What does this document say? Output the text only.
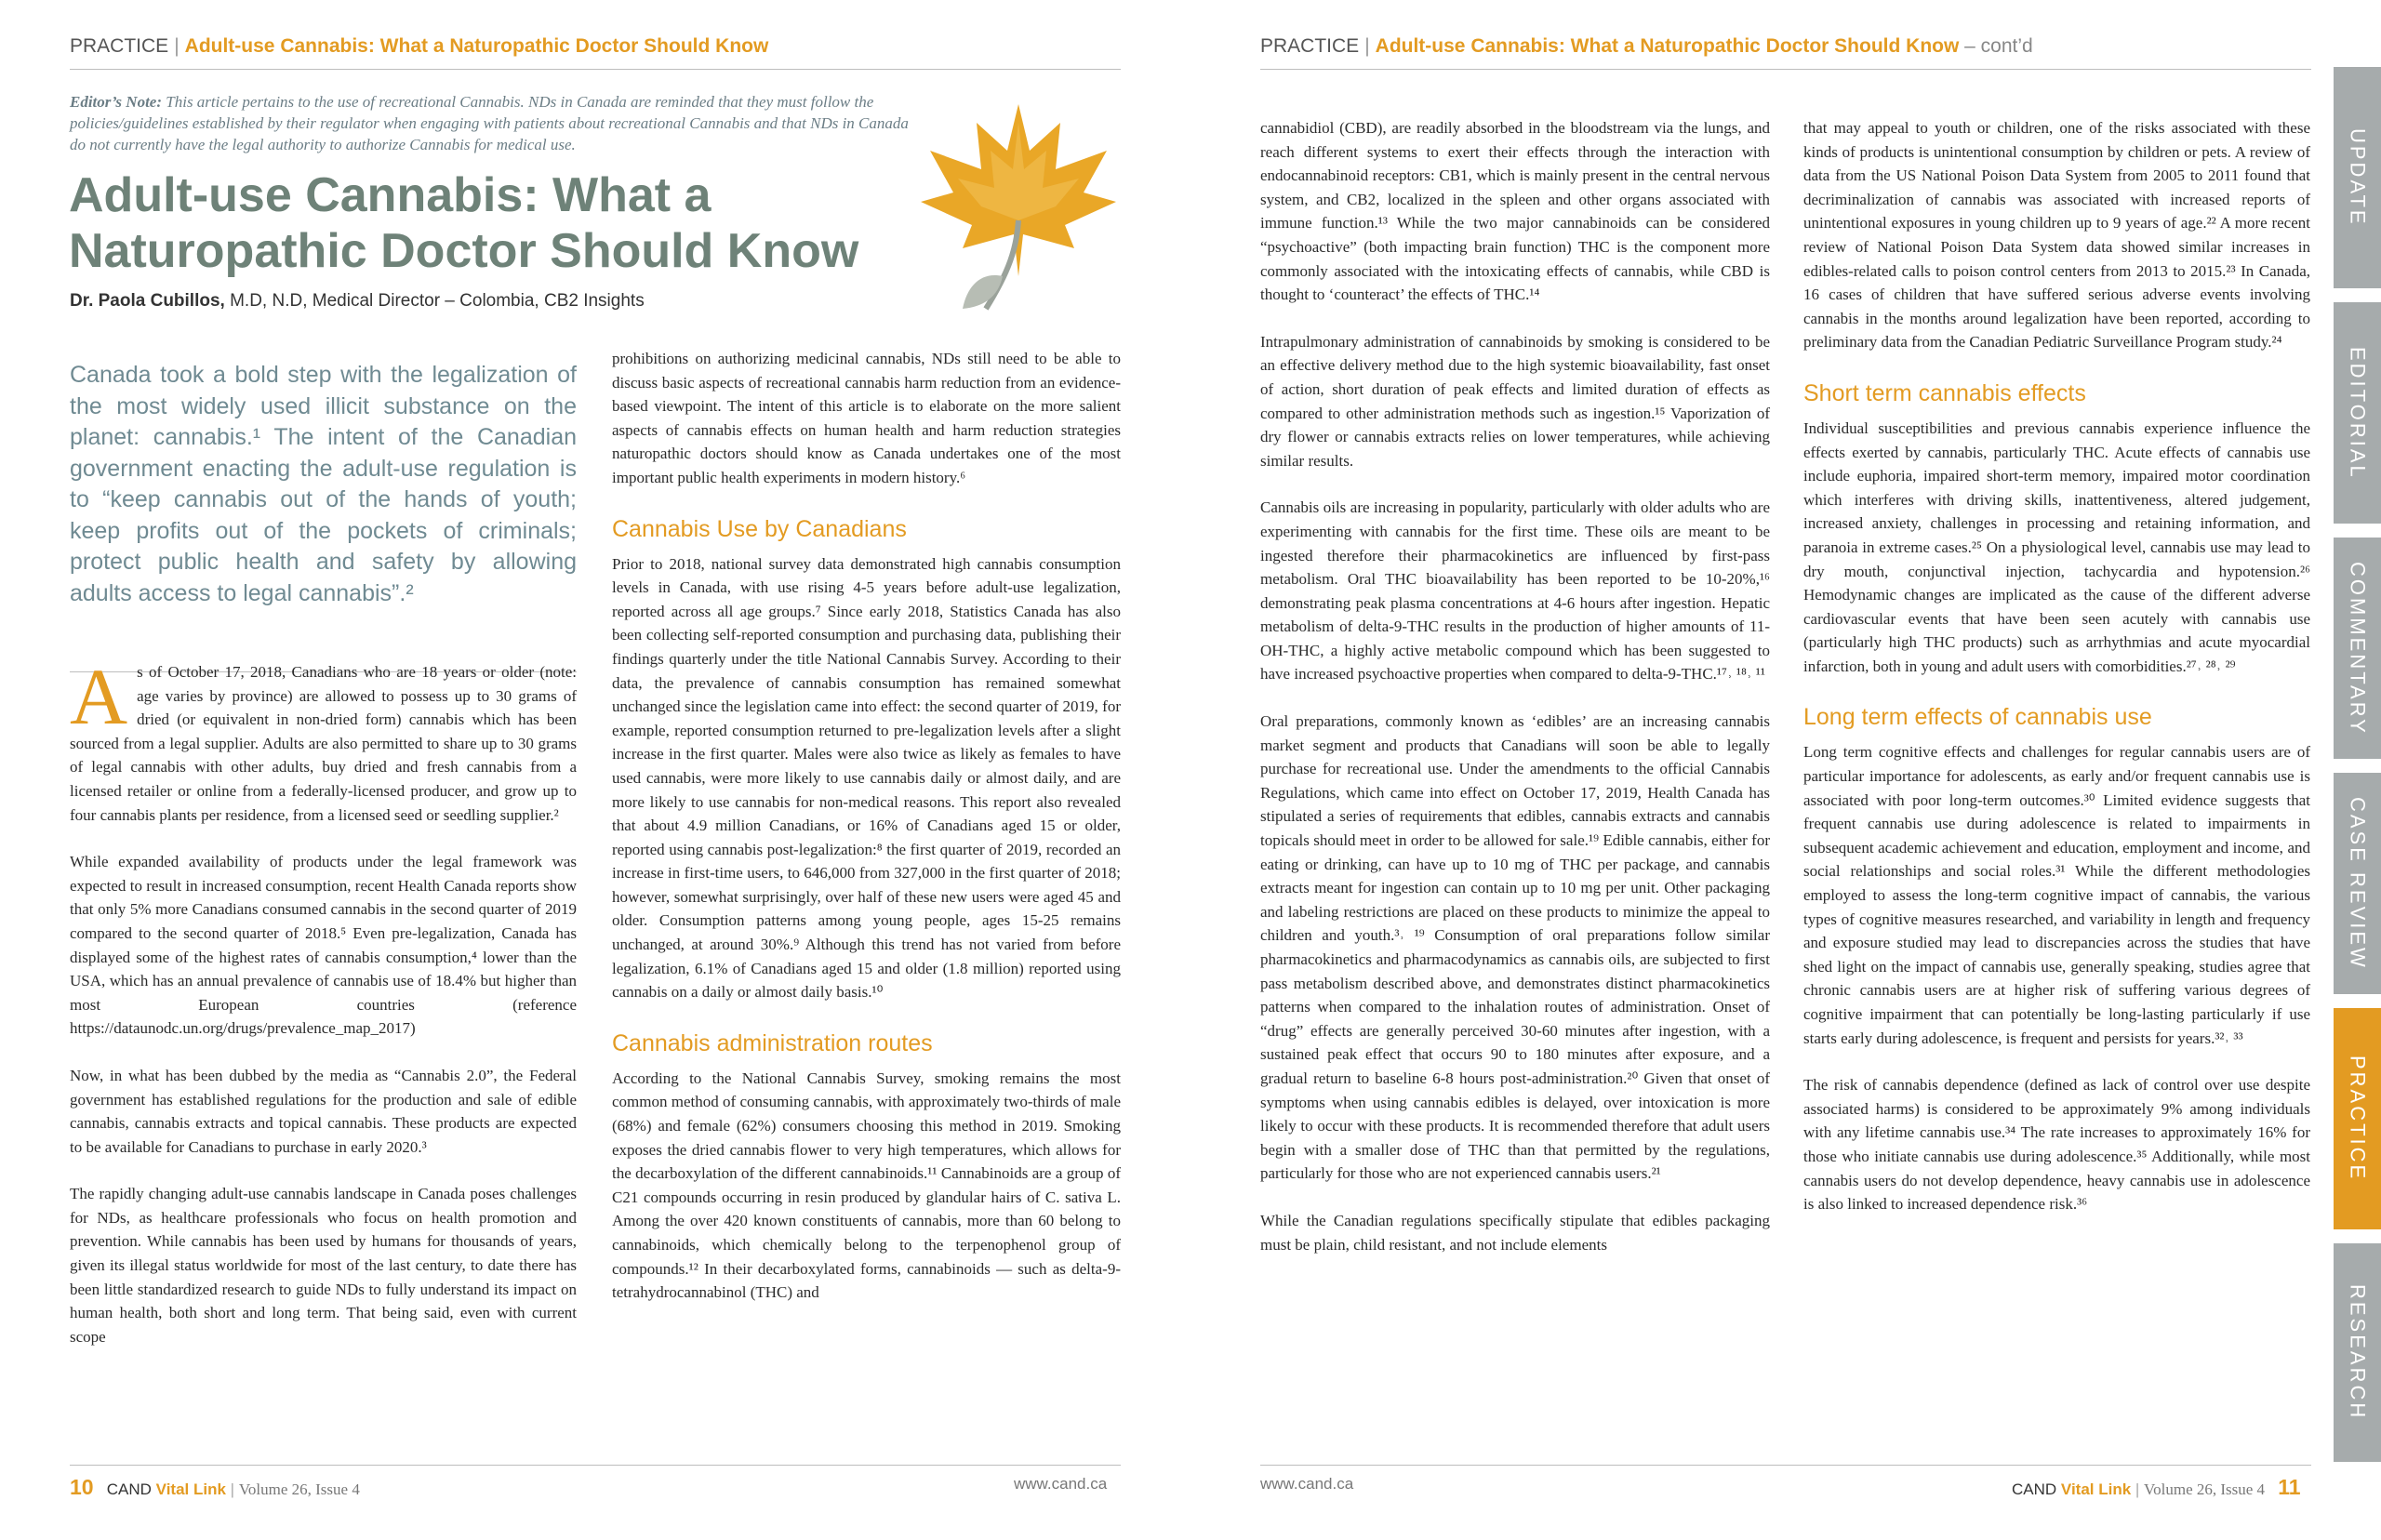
PRACTICE | Adult-use Cannabis: What a Naturopathic Doctor Should Know
Editor’s Note: This article pertains to the use of recreational Cannabis. NDs in Canada are reminded that they must follow the policies/guidelines established by their regulator when engaging with patients about recreational Cannabis and that NDs in Canada do not currently have the legal authority to authorize Cannabis for medical use.
Adult-use Cannabis: What a Naturopathic Doctor Should Know
Dr. Paola Cubillos, M.D, N.D, Medical Director – Colombia, CB2 Insights
Canada took a bold step with the legalization of the most widely used illicit substance on the planet: cannabis.¹ The intent of the Canadian government enacting the adult-use regulation is to “keep cannabis out of the hands of youth; keep profits out of the pockets of criminals; protect public health and safety by allowing adults access to legal cannabis”.²

As of October 17, 2018, Canadians who are 18 years or older (note: age varies by province) are allowed to possess up to 30 grams of dried (or equivalent in non-dried form) cannabis which has been sourced from a legal supplier. Adults are also permitted to share up to 30 grams of legal cannabis with other adults, buy dried and fresh cannabis from a licensed retailer or online from a federally-licensed producer, and grow up to four cannabis plants per residence, from a licensed seed or seedling supplier.²

While expanded availability of products under the legal framework was expected to result in increased consumption, recent Health Canada reports show that only 5% more Canadians consumed cannabis in the second quarter of 2019 compared to the second quarter of 2018.⁵ Even pre-legalization, Canada has displayed some of the highest rates of cannabis consumption,⁴ lower than the USA, which has an annual prevalence of cannabis use of 18.4% but higher than most European countries (reference https://dataunodc.un.org/drugs/prevalence_map_2017)

Now, in what has been dubbed by the media as “Cannabis 2.0”, the Federal government has established regulations for the production and sale of edible cannabis, cannabis extracts and topical cannabis. These products are expected to be available for Canadians to purchase in early 2020.³

The rapidly changing adult-use cannabis landscape in Canada poses challenges for NDs, as healthcare professionals who focus on health promotion and prevention. While cannabis has been used by humans for thousands of years, given its illegal status worldwide for most of the last century, to date there has been little standardized research to guide NDs to fully understand its impact on human health, both short and long term. That being said, even with current scope

prohibitions on authorizing medicinal cannabis, NDs still need to be able to discuss basic aspects of recreational cannabis harm reduction from an evidence-based viewpoint. The intent of this article is to elaborate on the more salient aspects of cannabis effects on human health and harm reduction strategies naturopathic doctors should know as Canada undertakes one of the most important public health experiments in modern history.⁶

Cannabis Use by Canadians

Prior to 2018, national survey data demonstrated high cannabis consumption levels in Canada, with use rising 4-5 years before adult-use legalization, reported across all age groups.⁷ Since early 2018, Statistics Canada has also been collecting self-reported consumption and purchasing data, publishing their findings quarterly under the title National Cannabis Survey. According to their data, the prevalence of cannabis consumption has remained somewhat unchanged since the legislation came into effect: the second quarter of 2019, for example, reported consumption returned to pre-legalization levels after a slight increase in the first quarter. Males were also twice as likely as females to have used cannabis, were more likely to use cannabis daily or almost daily, and are more likely to use cannabis for non-medical reasons. This report also revealed that about 4.9 million Canadians, or 16% of Canadians aged 15 or older, reported using cannabis post-legalization:⁸ the first quarter of 2019, recorded an increase in first-time users, to 646,000 from 327,000 in the first quarter of 2018; however, somewhat surprisingly, over half of these new users were aged 45 and older. Consumption patterns among young people, ages 15-25 remains unchanged, at around 30%.⁹ Although this trend has not varied from before legalization, 6.1% of Canadians aged 15 and older (1.8 million) reported using cannabis on a daily or almost daily basis.¹⁰

Cannabis administration routes

According to the National Cannabis Survey, smoking remains the most common method of consuming cannabis, with approximately two-thirds of male (68%) and female (62%) consumers choosing this method in 2019. Smoking exposes the dried cannabis flower to very high temperatures, which allows for the decarboxylation of the different cannabinoids.¹¹ Cannabinoids are a group of C21 compounds occurring in resin produced by glandular hairs of C. sativa L. Among the over 420 known constituents of cannabis, more than 60 belong to cannabinoids, which chemically belong to the terpenophenol group of compounds.¹² In their decarboxylated forms, cannabinoids — such as delta-9-tetrahydrocannabinol (THC) and

10 CAND Vital Link | Volume 26, Issue 4	www.cand.ca
PRACTICE | Adult-use Cannabis: What a Naturopathic Doctor Should Know – cont’d

cannabidiol (CBD), are readily absorbed in the bloodstream via the lungs, and reach different systems to exert their effects through the interaction with endocannabinoid receptors: CB1, which is mainly present in the central nervous system, and CB2, localized in the spleen and other organs associated with immune function.¹³ While the two major cannabinoids can be considered “psychoactive” (both impacting brain function) THC is the component more commonly associated with the intoxicating effects of cannabis, while CBD is thought to ‘counteract’ the effects of THC.¹⁴

Intrapulmonary administration of cannabinoids by smoking is considered to be an effective delivery method due to the high systemic bioavailability, fast onset of action, short duration of peak effects and limited duration of effects as compared to other administration methods such as ingestion.¹⁵ Vaporization of dry flower or cannabis extracts relies on lower temperatures, while achieving similar results.

Cannabis oils are increasing in popularity, particularly with older adults who are experimenting with cannabis for the first time. These oils are meant to be ingested therefore their pharmacokinetics are influenced by first-pass metabolism. Oral THC bioavailability has been reported to be 10-20%,¹⁶ demonstrating peak plasma concentrations at 4-6 hours after ingestion. Hepatic metabolism of delta-9-THC results in the production of higher amounts of 11-OH-THC, a highly active metabolic compound which has been suggested to have increased psychoactive properties when compared to delta-9-THC.¹⁷˒ ¹⁸˒ ¹¹

Oral preparations, commonly known as ‘edibles’ are an increasing cannabis market segment and products that Canadians will soon be able to legally purchase for recreational use. Under the amendments to the official Cannabis Regulations, which came into effect on October 17, 2019, Health Canada has stipulated a series of requirements that edibles, cannabis extracts and cannabis topicals should meet in order to be allowed for sale.¹⁹ Edible cannabis, either for eating or drinking, can have up to 10 mg of THC per package, and cannabis extracts meant for ingestion can contain up to 10 mg per unit. Other packaging and labeling restrictions are placed on these products to minimize the appeal to children and youth.³˒ ¹⁹ Consumption of oral preparations follow similar pharmacokinetics and pharmacodynamics as cannabis oils, are subjected to first pass metabolism described above, and demonstrates distinct pharmacokinetics patterns when compared to the inhalation routes of administration. Onset of “drug” effects are generally perceived 30-60 minutes after ingestion, with a sustained peak effect that occurs 90 to 180 minutes after exposure, and a gradual return to baseline 6-8 hours post-administration.²⁰ Given that onset of symptoms when using cannabis edibles is delayed, over intoxication is more likely to occur with these products. It is recommended therefore that adult users begin with a smaller dose of THC than that permitted by the regulations, particularly for those who are not experienced cannabis users.²¹

While the Canadian regulations specifically stipulate that edibles packaging must be plain, child resistant, and not include elements

that may appeal to youth or children, one of the risks associated with these kinds of products is unintentional consumption by children or pets. A review of data from the US National Poison Data System from 2005 to 2011 found that decriminalization of cannabis was associated with increased reports of unintentional exposures in young children up to 9 years of age.²² A more recent review of National Poison Data System data showed similar increases in edibles-related calls to poison control centers from 2013 to 2015.²³ In Canada, 16 cases of children that have suffered serious adverse events involving cannabis in the months around legalization have been reported, according to preliminary data from the Canadian Pediatric Surveillance Program study.²⁴

Short term cannabis effects

Individual susceptibilities and previous cannabis experience influence the effects exerted by cannabis, particularly THC. Acute effects of cannabis use include euphoria, impaired short-term memory, impaired motor coordination which interferes with driving skills, inattentiveness, altered judgement, increased anxiety, challenges in processing and retaining information, and paranoia in extreme cases.²⁵ On a physiological level, cannabis use may lead to dry mouth, conjunctival injection, tachycardia and hypotension.²⁶ Hemodynamic changes are implicated as the cause of the different adverse cardiovascular events that have been seen acutely with cannabis use (particularly high THC products) such as arrhythmias and acute myocardial infarction, both in young and adult users with comorbidities.²⁷˒ ²⁸˒ ²⁹

Long term effects of cannabis use

Long term cognitive effects and challenges for regular cannabis users are of particular importance for adolescents, as early and/or frequent cannabis use is associated with poor long-term outcomes.³⁰ Limited evidence suggests that frequent cannabis use during adolescence is related to impairments in subsequent academic achievement and education, employment and income, and social relationships and social roles.³¹ While the different methodologies employed to assess the long-term cognitive impact of cannabis, the various types of cognitive measures researched, and variability in length and frequency and exposure studied may lead to discrepancies across the studies that have shed light on the impact of cannabis use, generally speaking, studies agree that chronic cannabis users are at higher risk of suffering various degrees of cognitive impairment that can potentially be long-lasting particularly if use starts early during adolescence, is frequent and persists for years.³²˒ ³³

The risk of cannabis dependence (defined as lack of control over use despite associated harms) is considered to be approximately 9% among individuals with any lifetime cannabis use.³⁴ The rate increases to approximately 16% for those who initiate cannabis use during adolescence.³⁵ Additionally, while most cannabis users do not develop dependence, heavy cannabis use in adolescence is also linked to increased dependence risk.³⁶

www.cand.ca	CAND Vital Link | Volume 26, Issue 4 11
UPDATE
EDITORIAL
COMMENTARY
CASE REVIEW
PRACTICE
RESEARCH
